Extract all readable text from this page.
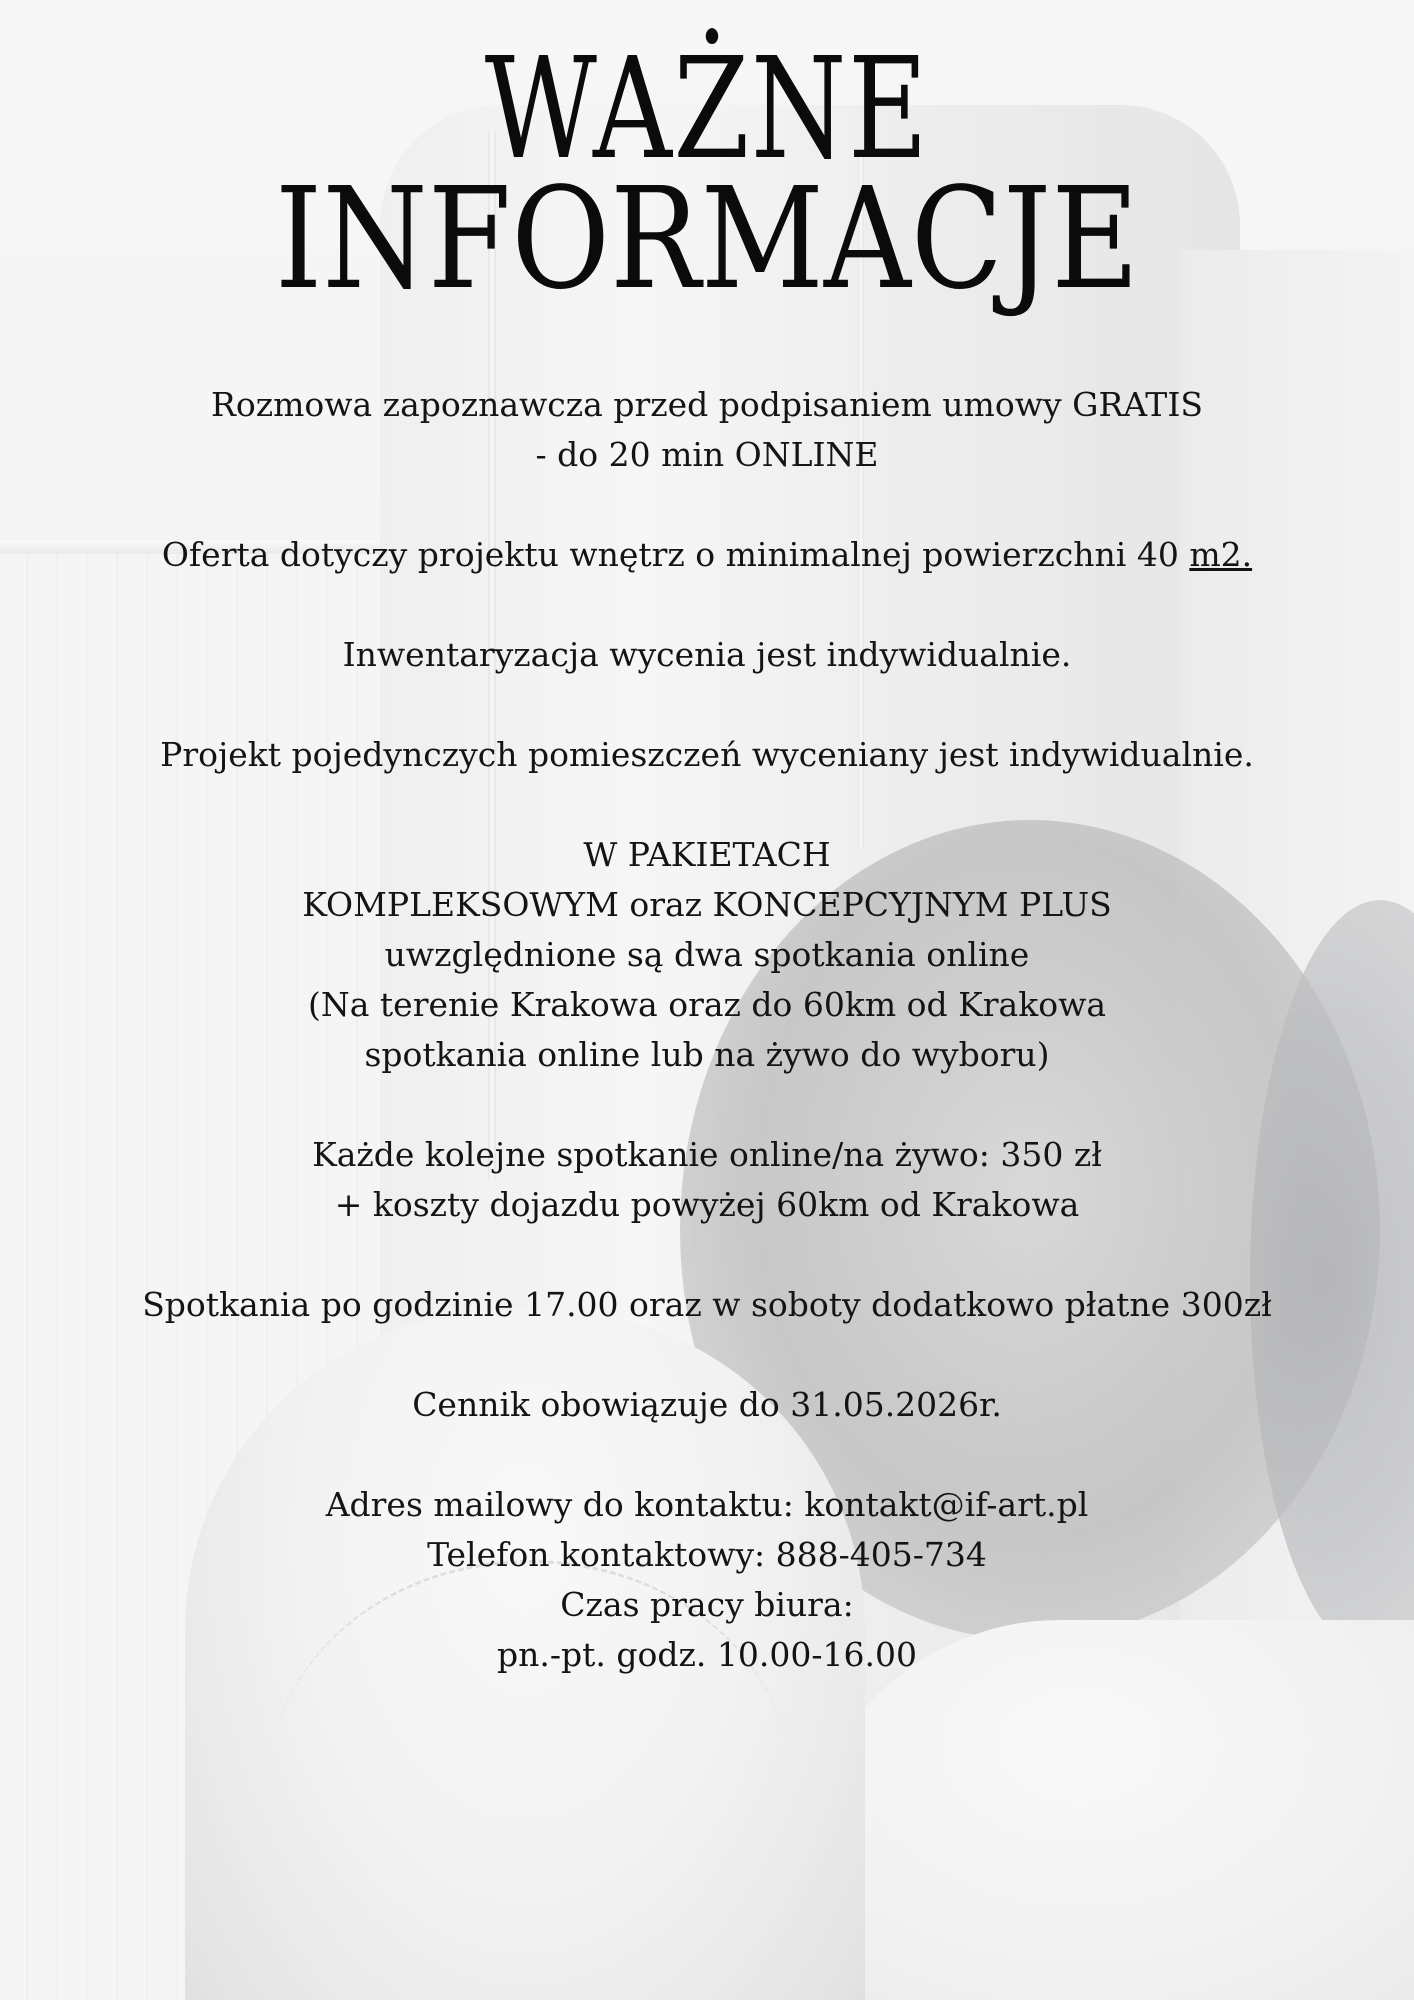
WAŻNE
INFORMACJE

Rozmowa zapoznawcza przed podpisaniem umowy GRATIS
- do 20 min ONLINE

Oferta dotyczy projektu wnętrz o minimalnej powierzchni 40 m2.

Inwentaryzacja wycenia jest indywidualnie.

Projekt pojedynczych pomieszczeń wyceniany jest indywidualnie.

W PAKIETACH
KOMPLEKSOWYM oraz KONCEPCYJNYM PLUS
uwzględnione są dwa spotkania online
(Na terenie Krakowa oraz do 60km od Krakowa
spotkania online lub na żywo do wyboru)

Każde kolejne spotkanie online/na żywo: 350 zł
+ koszty dojazdu powyżej 60km od Krakowa

Spotkania po godzinie 17.00 oraz w soboty dodatkowo płatne 300zł

Cennik obowiązuje do 31.05.2026r.

Adres mailowy do kontaktu: kontakt@if-art.pl
Telefon kontaktowy: 888-405-734
Czas pracy biura:
pn.-pt. godz. 10.00-16.00
